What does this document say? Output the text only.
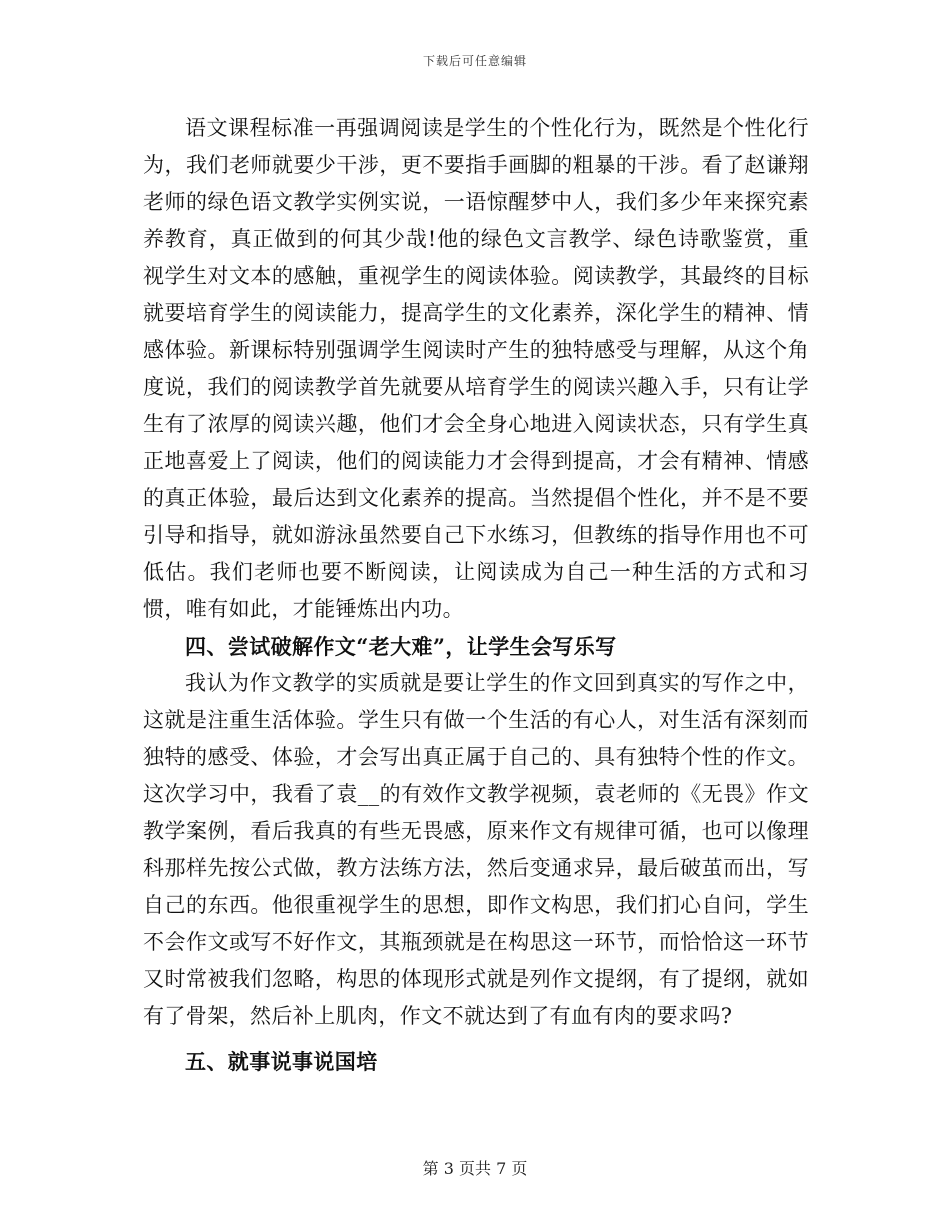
下载后可任意编辑

语文课程标准一再强调阅读是学生的个性化行为，既然是个性化行为，我们老师就要少干涉，更不要指手画脚的粗暴的干涉。看了赵谦翔老师的绿色语文教学实例实说，一语惊醒梦中人，我们多少年来探究素养教育，真正做到的何其少哉!他的绿色文言教学、绿色诗歌鉴赏，重视学生对文本的感触，重视学生的阅读体验。阅读教学，其最终的目标就要培育学生的阅读能力，提高学生的文化素养，深化学生的精神、情感体验。新课标特别强调学生阅读时产生的独特感受与理解，从这个角度说，我们的阅读教学首先就要从培育学生的阅读兴趣入手，只有让学生有了浓厚的阅读兴趣，他们才会全身心地进入阅读状态，只有学生真正地喜爱上了阅读，他们的阅读能力才会得到提高，才会有精神、情感的真正体验，最后达到文化素养的提高。当然提倡个性化，并不是不要引导和指导，就如游泳虽然要自己下水练习，但教练的指导作用也不可低估。我们老师也要不断阅读，让阅读成为自己一种生活的方式和习惯，唯有如此，才能锤炼出内功。

四、尝试破解作文“老大难”，让学生会写乐写

我认为作文教学的实质就是要让学生的作文回到真实的写作之中，这就是注重生活体验。学生只有做一个生活的有心人，对生活有深刻而独特的感受、体验，才会写出真正属于自己的、具有独特个性的作文。这次学习中，我看了袁__的有效作文教学视频，袁老师的《无畏》作文教学案例，看后我真的有些无畏感，原来作文有规律可循，也可以像理科那样先按公式做，教方法练方法，然后变通求异，最后破茧而出，写自己的东西。他很重视学生的思想，即作文构思，我们扪心自问，学生不会作文或写不好作文，其瓶颈就是在构思这一环节，而恰恰这一环节又时常被我们忽略，构思的体现形式就是列作文提纲，有了提纲，就如有了骨架，然后补上肌肉，作文不就达到了有血有肉的要求吗?

五、就事说事说国培

第 3 页共 7 页
